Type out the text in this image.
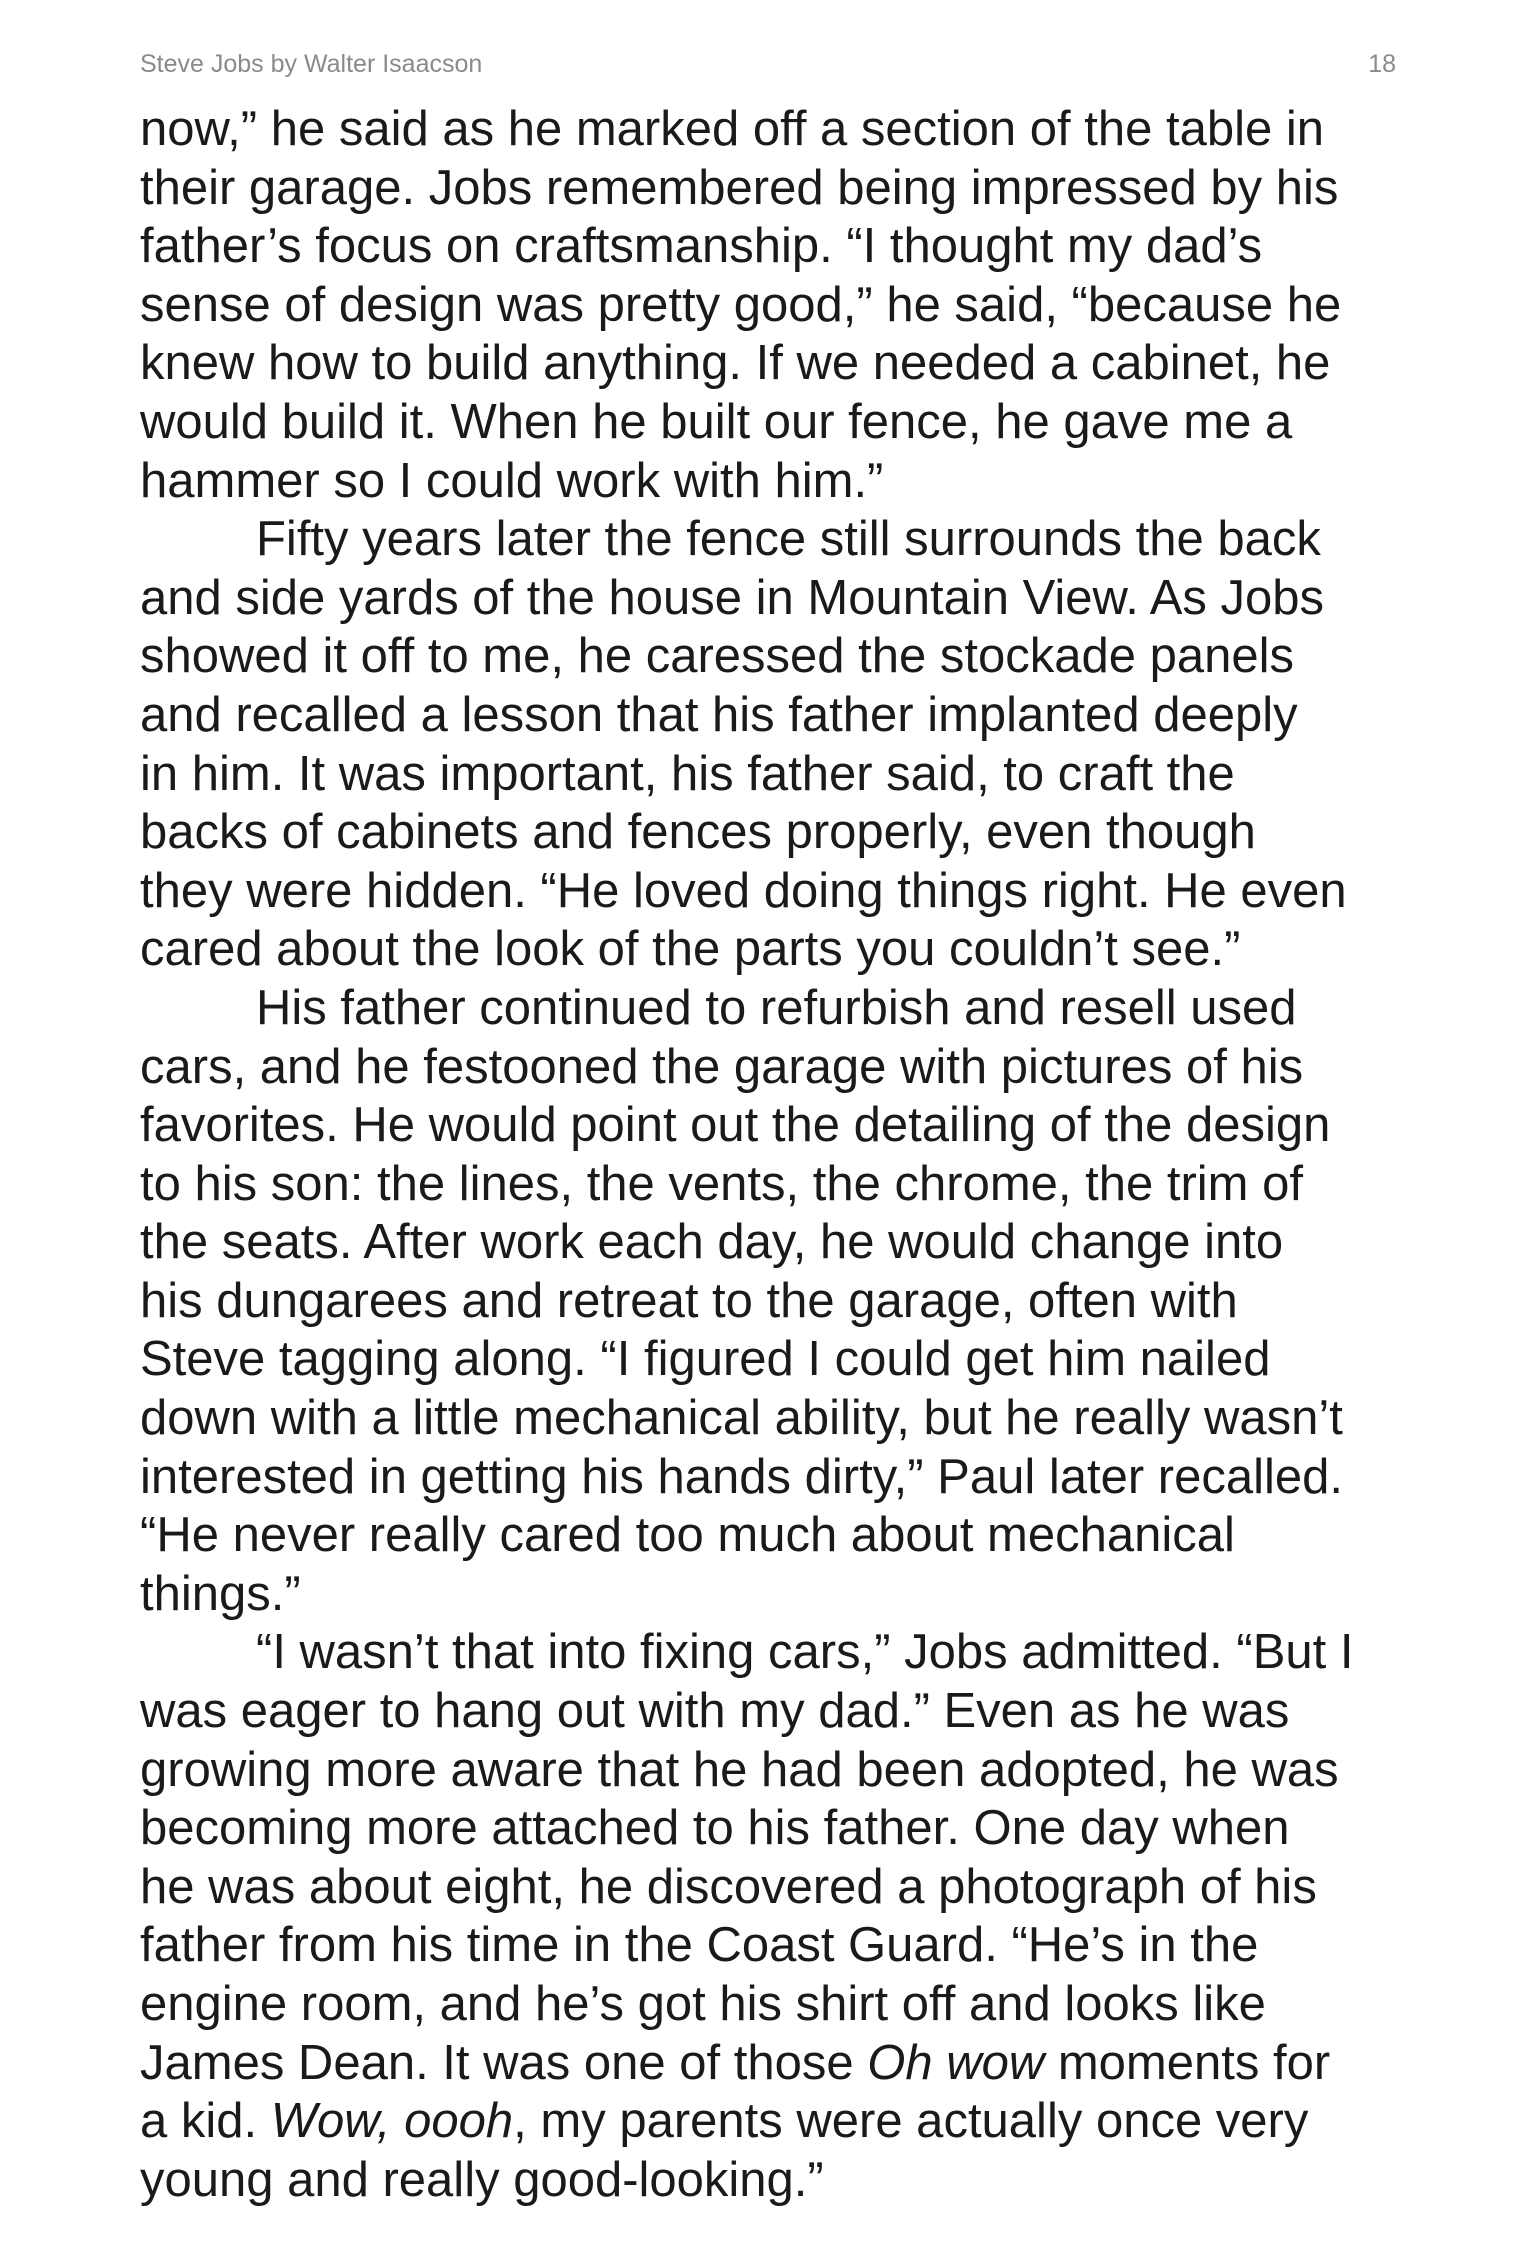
Steve Jobs by Walter Isaacson	18
now,” he said as he marked off a section of the table in
their garage. Jobs remembered being impressed by his
father’s focus on craftsmanship. “I thought my dad’s
sense of design was pretty good,” he said, “because he
knew how to build anything. If we needed a cabinet, he
would build it. When he built our fence, he gave me a
hammer so I could work with him.”
Fifty years later the fence still surrounds the back
and side yards of the house in Mountain View. As Jobs
showed it off to me, he caressed the stockade panels
and recalled a lesson that his father implanted deeply
in him. It was important, his father said, to craft the
backs of cabinets and fences properly, even though
they were hidden. “He loved doing things right. He even
cared about the look of the parts you couldn’t see.”
His father continued to refurbish and resell used
cars, and he festooned the garage with pictures of his
favorites. He would point out the detailing of the design
to his son: the lines, the vents, the chrome, the trim of
the seats. After work each day, he would change into
his dungarees and retreat to the garage, often with
Steve tagging along. “I figured I could get him nailed
down with a little mechanical ability, but he really wasn’t
interested in getting his hands dirty,” Paul later recalled.
“He never really cared too much about mechanical
things.”
“I wasn’t that into fixing cars,” Jobs admitted. “But I
was eager to hang out with my dad.” Even as he was
growing more aware that he had been adopted, he was
becoming more attached to his father. One day when
he was about eight, he discovered a photograph of his
father from his time in the Coast Guard. “He’s in the
engine room, and he’s got his shirt off and looks like
James Dean. It was one of those Oh wow moments for
a kid. Wow, oooh, my parents were actually once very
young and really good-looking.”
